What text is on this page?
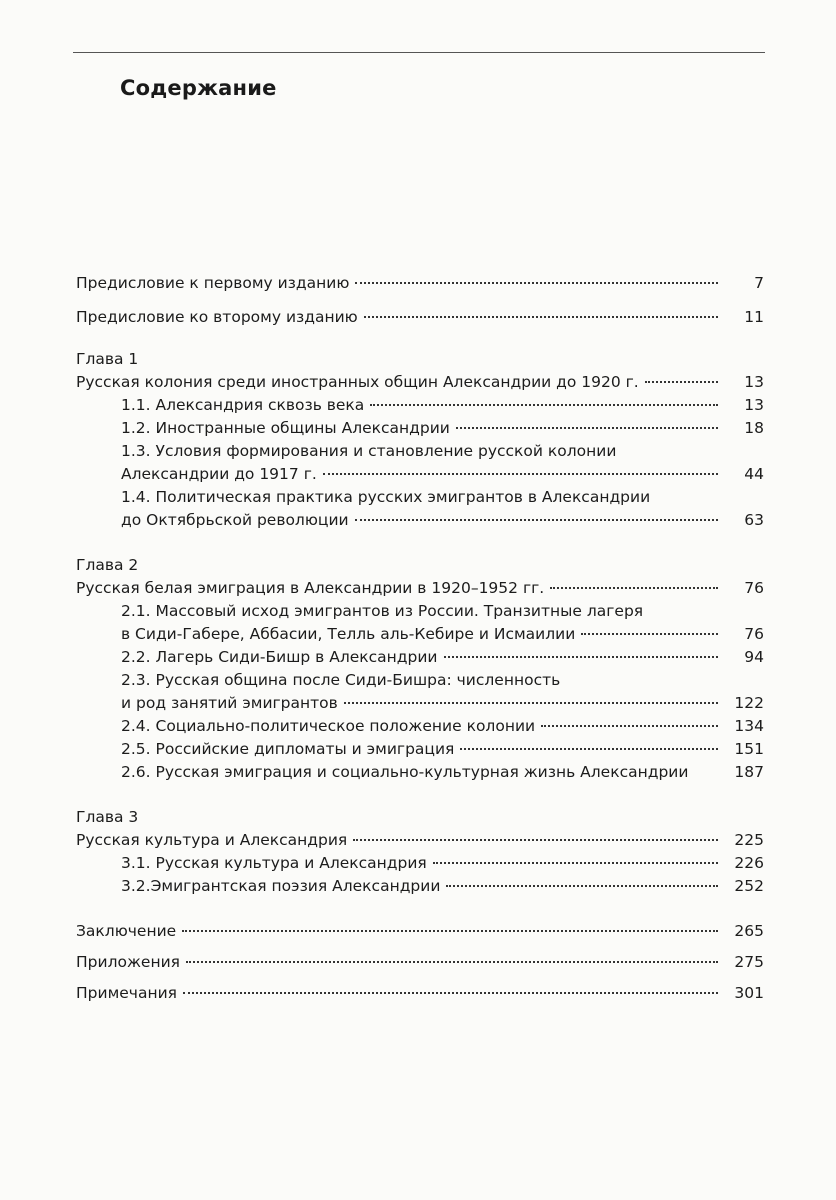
Содержание
Предисловие к первому изданию	7
Предисловие ко второму изданию	11
Глава 1
Русская колония среди иностранных общин Александрии до 1920 г.	13
1.1. Александрия сквозь века	13
1.2. Иностранные общины Александрии	18
1.3. Условия формирования и становление русской колонии
Александрии до 1917 г.	44
1.4. Политическая практика русских эмигрантов в Александрии
до Октябрьской революции	63
Глава 2
Русская белая эмиграция в Александрии в 1920–1952 гг.	76
2.1. Массовый исход эмигрантов из России. Транзитные лагеря
в Сиди-Габере, Аббасии, Телль аль-Кебире и Исмаилии	76
2.2. Лагерь Сиди-Бишр в Александрии	94
2.3. Русская община после Сиди-Бишра: численность
и род занятий эмигрантов	122
2.4. Социально-политическое положение колонии	134
2.5. Российские дипломаты и эмиграция	151
2.6. Русская эмиграция и социально-культурная жизнь Александрии	187
Глава 3
Русская культура и Александрия	225
3.1. Русская культура и Александрия	226
3.2.Эмигрантская поэзия Александрии	252
Заключение	265
Приложения	275
Примечания	301
